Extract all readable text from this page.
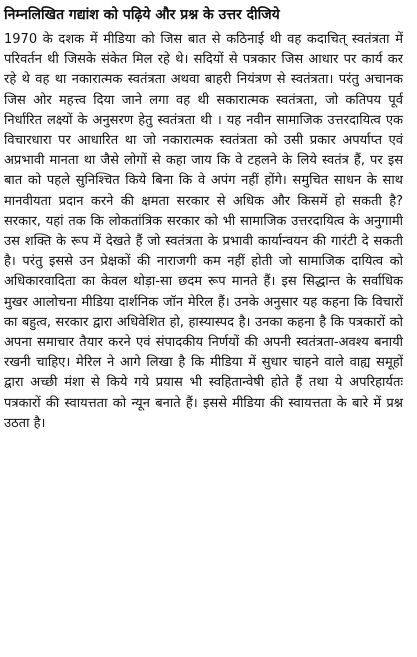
निम्नलिखित गद्यांश को पढ़िये और प्रश्न के उत्तर दीजिये

1970 के दशक में मीडिया को जिस बात से कठिनाई थी वह कदाचित् स्वतंत्रता में परिवर्तन थी जिसके संकेत मिल रहे थे। सदियों से पत्रकार जिस आधार पर कार्य कर रहे थे वह था नकारात्मक स्वतंत्रता अथवा बाहरी नियंत्रण से स्वतंत्रता। परंतु अचानक जिस ओर महत्त्व दिया जाने लगा वह थी सकारात्मक स्वतंत्रता, जो कतिपय पूर्व निर्धारित लक्ष्यों के अनुसरण हेतु स्वतंत्रता थी । यह नवीन सामाजिक उत्तरदायित्व एक विचारधारा पर आधारित था जो नकारात्मक स्वतंत्रता को उसी प्रकार अपर्याप्त एवं अप्रभावी मानता था जैसे लोगों से कहा जाय कि वे टहलने के लिये स्वतंत्र हैं, पर इस बात को पहले सुनिश्चित किये बिना कि वे अपंग नहीं होंगे। समुचित साधन के साथ मानवीयता प्रदान करने की क्षमता सरकार से अधिक और किसमें हो सकती है? सरकार, यहां तक कि लोकतांत्रिक सरकार को भी सामाजिक उत्तरदायित्व के अनुगामी उस शक्ति के रूप में देखते हैं जो स्वतंत्रता के प्रभावी कार्यान्वयन की गारंटी दे सकती है। परंतु इससे उन प्रेक्षकों की नाराजगी कम नहीं होती जो सामाजिक दायित्व को अधिकारवादिता का केवल थोड़ा-सा छदम रूप मानते हैं। इस सिद्धान्त के सर्वाधिक मुखर आलोचना मीडिया दार्शनिक जॉन मेरिल हैं। उनके अनुसार यह कहना कि विचारों का बहुत्व, सरकार द्वारा अधिवेशित हो, हास्यास्पद है। उनका कहना है कि पत्रकारों को अपना समाचार तैयार करने एवं संपादकीय निर्णयों की अपनी स्वतंत्रता-अवश्य बनायी रखनी चाहिए। मेरिल ने आगे लिखा है कि मीडिया में सुधार चाहने वाले वाह्य समूहों द्वारा अच्छी मंशा से किये गये प्रयास भी स्वहितान्वेषी होते हैं तथा ये अपरिहार्यतः पत्रकारों की स्वायत्तता को न्यून बनाते हैं। इससे मीडिया की स्वायत्तता के बारे में प्रश्न उठता है।
